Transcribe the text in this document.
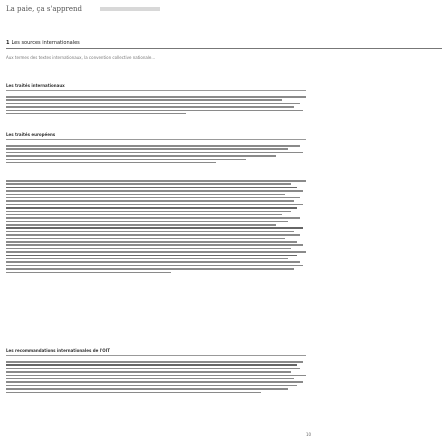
La paie, ça s'apprend
1 Les sources internationales
Aux termes des textes internationaux, la convention collective nationale...
Les traités internationaux
Les traités européens
Les recommandations internationales de l'OIT
10
